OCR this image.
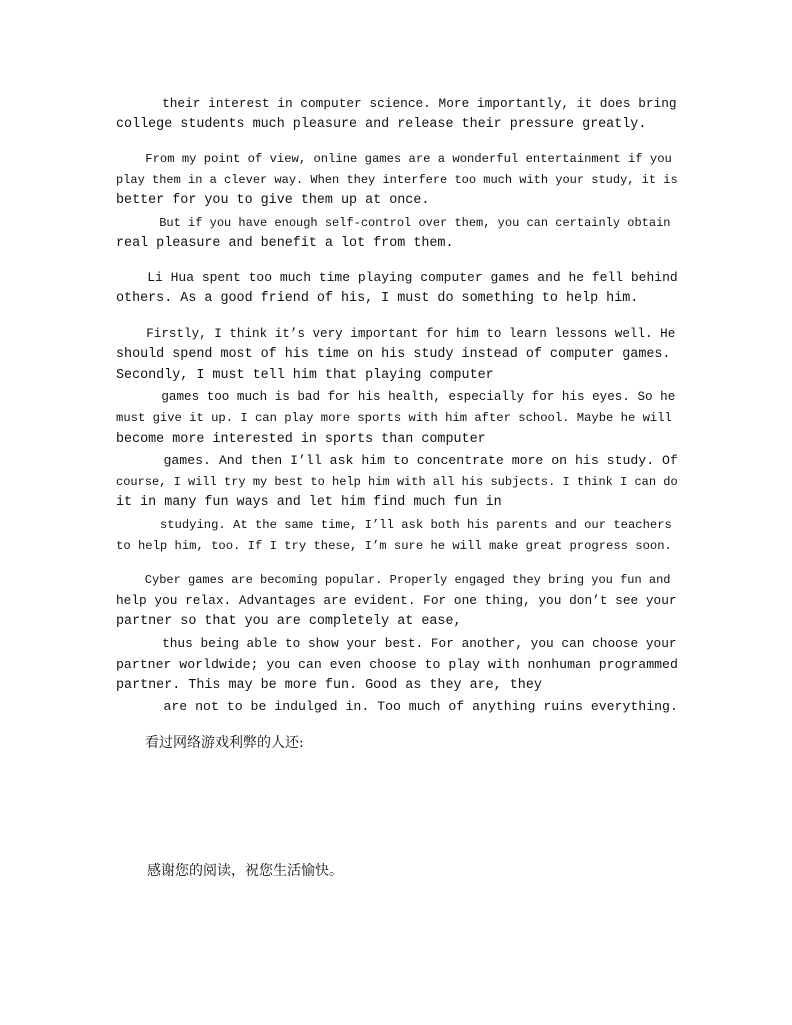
their interest in computer science. More importantly, it does bring
college students much pleasure and release their pressure greatly.
From my point of view, online games are a wonderful entertainment if you
play them in a clever way. When they interfere too much with your study, it is
better for you to give them up at once.
But if you have enough self-control over them, you can certainly obtain
real pleasure and benefit a lot from them.
Li Hua spent too much time playing computer games and he fell behind
others. As a good friend of his, I must do something to help him.
Firstly, I think it’s very important for him to learn lessons well. He
should spend most of his time on his study instead of computer games.
Secondly, I must tell him that playing computer
games too much is bad for his health, especially for his eyes. So he
must give it up. I can play more sports with him after school. Maybe he will
become more interested in sports than computer
games. And then I’ll ask him to concentrate more on his study. Of
course, I will try my best to help him with all his subjects. I think I can do
it in many fun ways and let him find much fun in
studying. At the same time, I’ll ask both his parents and our teachers
to help him, too. If I try these, I’m sure he will make great progress soon.
Cyber games are becoming popular. Properly engaged they bring you fun and
help you relax. Advantages are evident. For one thing, you don’t see your
partner so that you are completely at ease,
thus being able to show your best. For another, you can choose your
partner worldwide; you can even choose to play with nonhuman programmed
partner. This may be more fun. Good as they are, they
are not to be indulged in. Too much of anything ruins everything.
看过网络游戏利弊的人还:
感谢您的阅读，祝您生活愉快。
